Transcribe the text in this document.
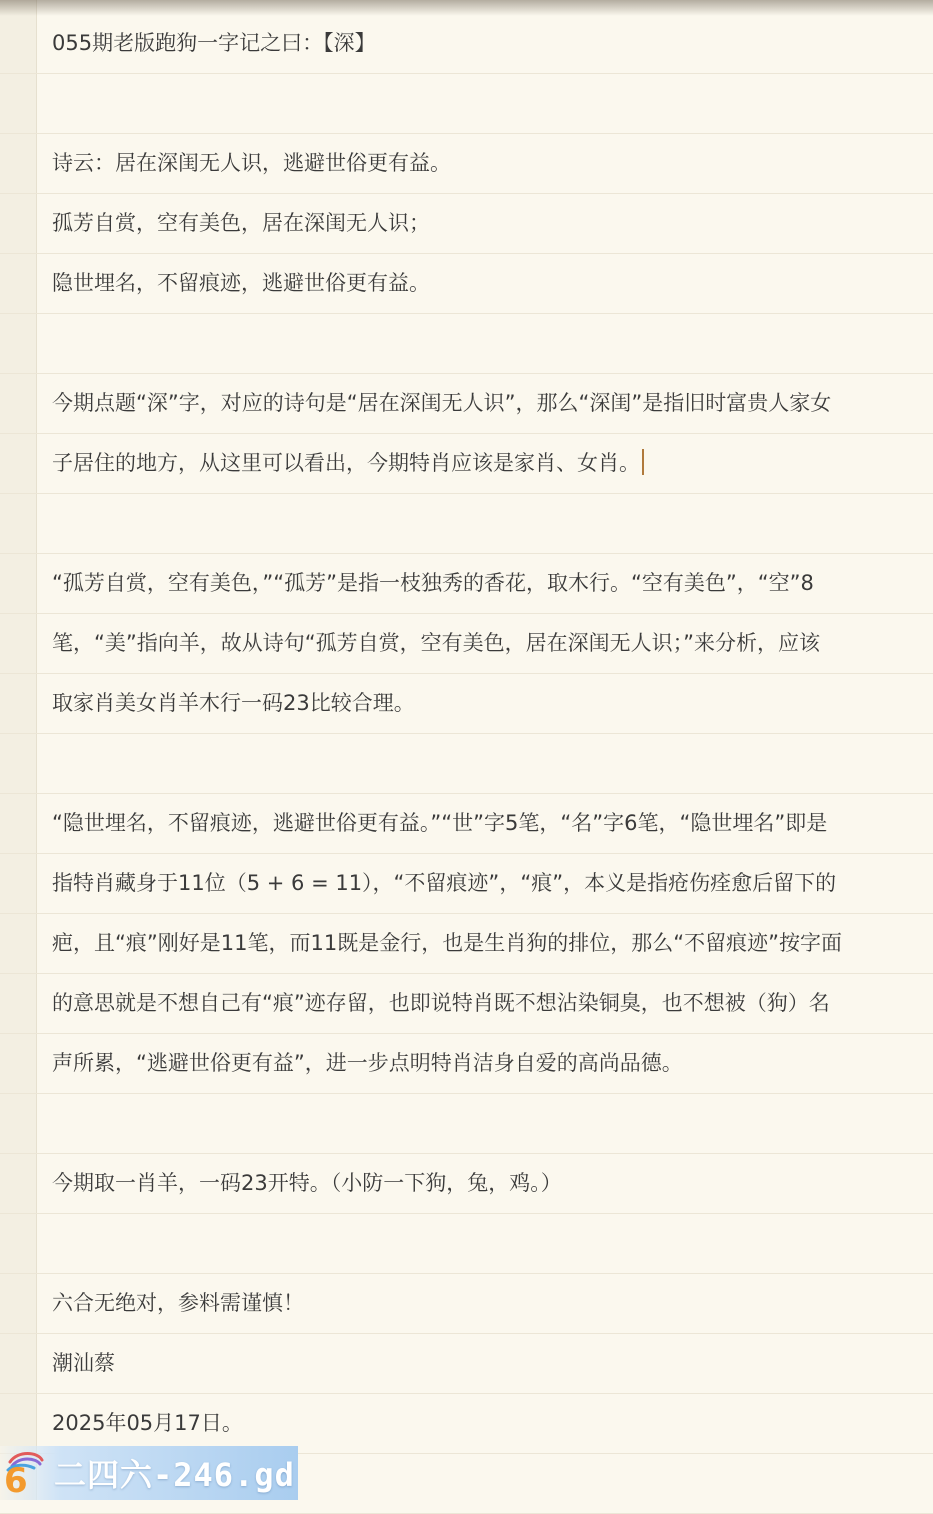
055期老版跑狗一字记之曰：【深】
诗云：居在深闺无人识，逃避世俗更有益。
孤芳自赏，空有美色，居在深闺无人识；
隐世埋名，不留痕迹，逃避世俗更有益。
今期点题“深”字，对应的诗句是“居在深闺无人识”，那么“深闺”是指旧时富贵人家女
子居住的地方，从这里可以看出，今期特肖应该是家肖、女肖。
“孤芳自赏，空有美色，”“孤芳”是指一枝独秀的香花，取木行。“空有美色”，“空”8
笔，“美”指向羊，故从诗句“孤芳自赏，空有美色，居在深闺无人识；”来分析，应该
取家肖美女肖羊木行一码23比较合理。
“隐世埋名，不留痕迹，逃避世俗更有益。”“世”字5笔，“名”字6笔，“隐世埋名”即是
指特肖藏身于11位（5 + 6 = 11），“不留痕迹”，“痕”，本义是指疮伤痊愈后留下的
疤，且“痕”刚好是11笔，而11既是金行，也是生肖狗的排位，那么“不留痕迹”按字面
的意思就是不想自己有“痕”迹存留，也即说特肖既不想沾染铜臭，也不想被（狗）名
声所累，“逃避世俗更有益”，进一步点明特肖洁身自爱的高尚品德。
今期取一肖羊，一码23开特。（小防一下狗，兔，鸡。）
六合无绝对，参料需谨慎！
潮汕蔡
2025年05月17日。
6 二四六-246.gd
